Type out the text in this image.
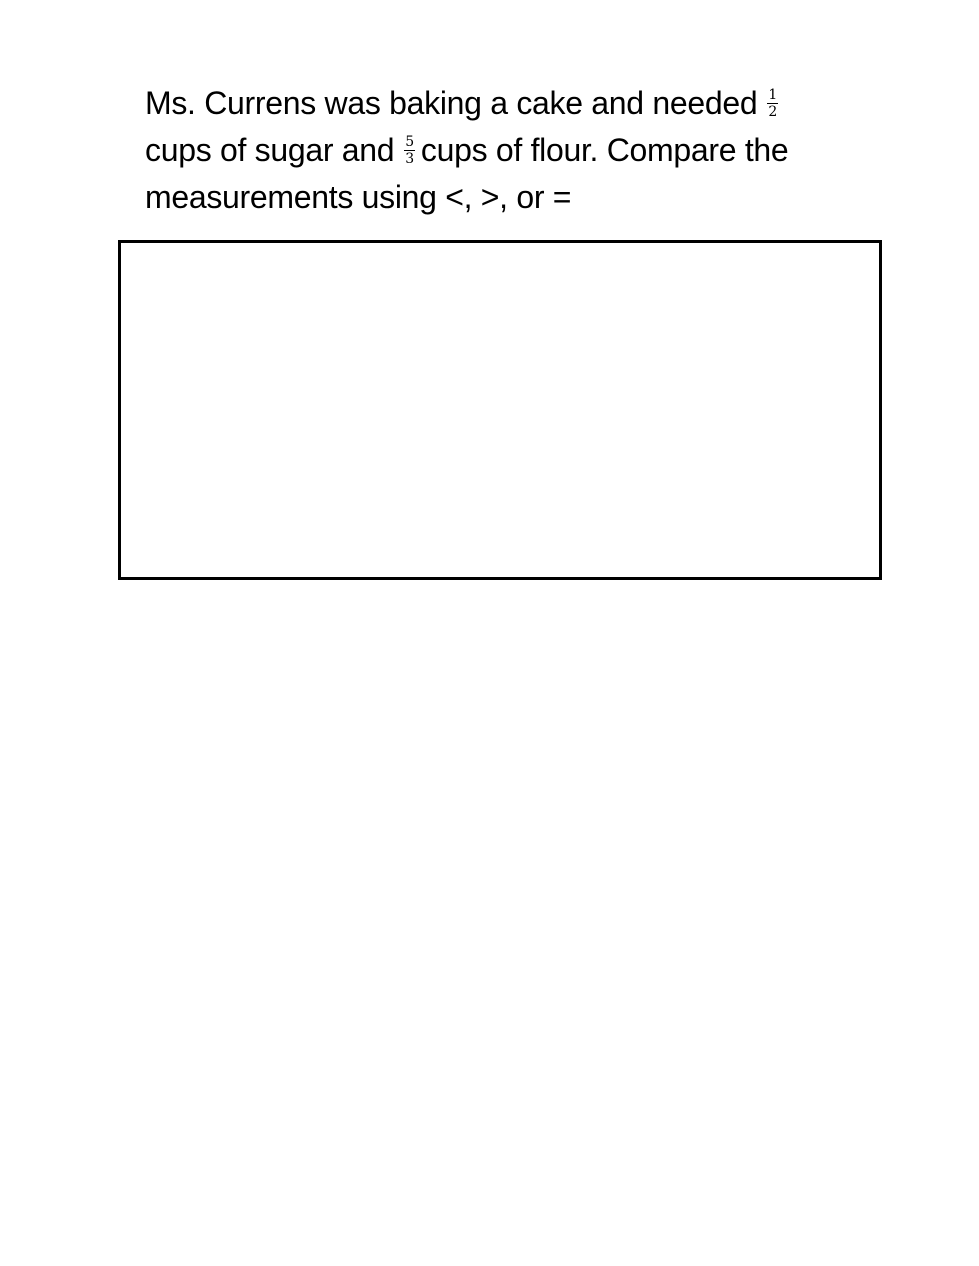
Ms. Currens was baking a cake and needed $\frac{1}{2}$
cups of sugar and $\frac{5}{3}$ cups of flour. Compare the
measurements using <, >, or =
